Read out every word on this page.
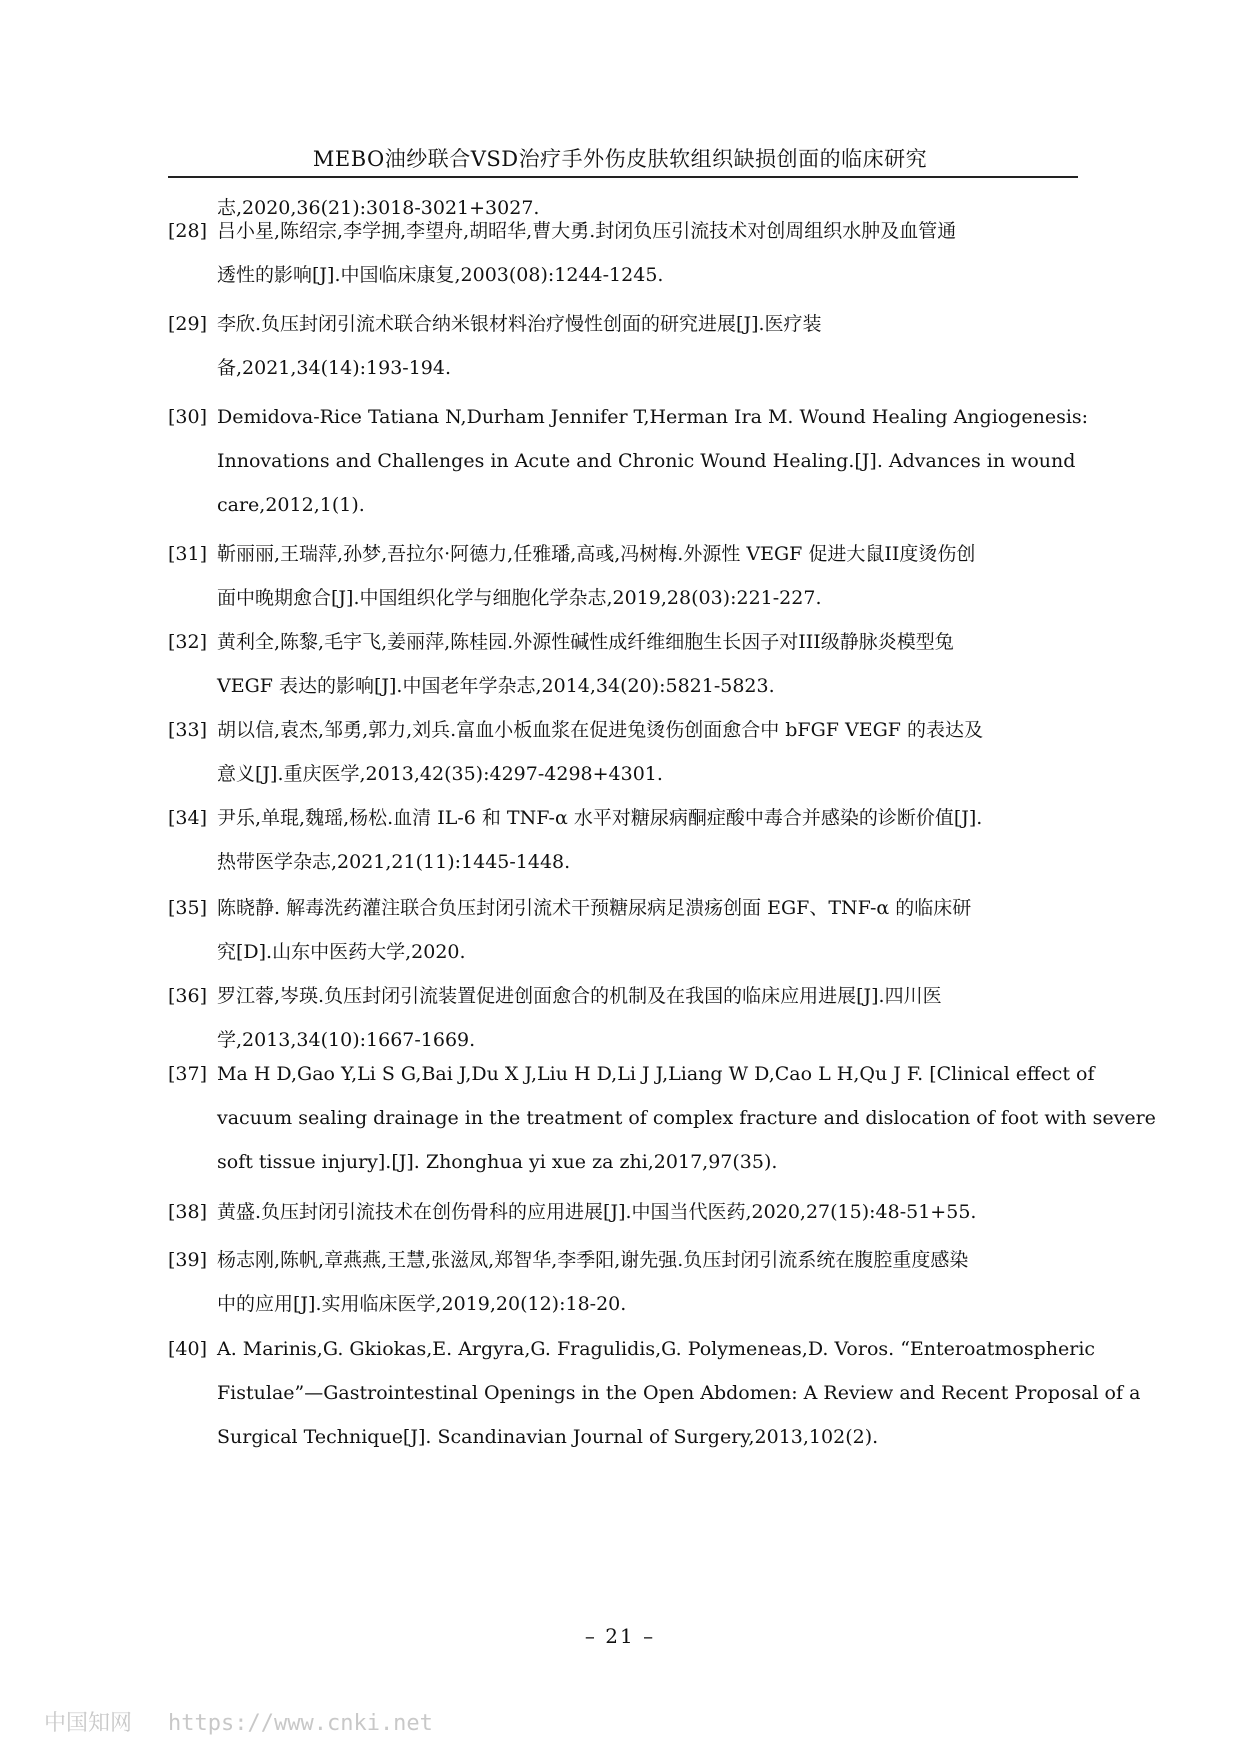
MEBO油纱联合VSD治疗手外伤皮肤软组织缺损创面的临床研究
志,2020,36(21):3018-3021+3027.
[28] 吕小星,陈绍宗,李学拥,李望舟,胡昭华,曹大勇.封闭负压引流技术对创周组织水肿及血管通
透性的影响[J].中国临床康复,2003(08):1244-1245.
[29] 李欣.负压封闭引流术联合纳米银材料治疗慢性创面的研究进展[J].医疗装
备,2021,34(14):193-194.
[30] Demidova-Rice Tatiana N,Durham Jennifer T,Herman Ira M. Wound Healing Angiogenesis:
Innovations and Challenges in Acute and Chronic Wound Healing.[J]. Advances in wound
care,2012,1(1).
[31] 靳丽丽,王瑞萍,孙梦,吾拉尔·阿德力,任雅璠,高彧,冯树梅.外源性 VEGF 促进大鼠II度烫伤创
面中晚期愈合[J].中国组织化学与细胞化学杂志,2019,28(03):221-227.
[32] 黄利全,陈黎,毛宇飞,姜丽萍,陈桂园.外源性碱性成纤维细胞生长因子对III级静脉炎模型兔
VEGF 表达的影响[J].中国老年学杂志,2014,34(20):5821-5823.
[33] 胡以信,袁杰,邹勇,郭力,刘兵.富血小板血浆在促进兔烫伤创面愈合中 bFGF VEGF 的表达及
意义[J].重庆医学,2013,42(35):4297-4298+4301.
[34] 尹乐,单琨,魏瑶,杨松.血清 IL-6 和 TNF-α 水平对糖尿病酮症酸中毒合并感染的诊断价值[J].
热带医学杂志,2021,21(11):1445-1448.
[35] 陈晓静. 解毒洗药灌注联合负压封闭引流术干预糖尿病足溃疡创面 EGF、TNF-α 的临床研
究[D].山东中医药大学,2020.
[36] 罗江蓉,岑瑛.负压封闭引流装置促进创面愈合的机制及在我国的临床应用进展[J].四川医
学,2013,34(10):1667-1669.
[37] Ma H D,Gao Y,Li S G,Bai J,Du X J,Liu H D,Li J J,Liang W D,Cao L H,Qu J F. [Clinical effect of
vacuum sealing drainage in the treatment of complex fracture and dislocation of foot with severe
soft tissue injury].[J]. Zhonghua yi xue za zhi,2017,97(35).
[38] 黄盛.负压封闭引流技术在创伤骨科的应用进展[J].中国当代医药,2020,27(15):48-51+55.
[39] 杨志刚,陈帆,章燕燕,王慧,张滋凤,郑智华,李季阳,谢先强.负压封闭引流系统在腹腔重度感染
中的应用[J].实用临床医学,2019,20(12):18-20.
[40] A. Marinis,G. Gkiokas,E. Argyra,G. Fragulidis,G. Polymeneas,D. Voros. “Enteroatmospheric
Fistulae”—Gastrointestinal Openings in the Open Abdomen: A Review and Recent Proposal of a
Surgical Technique[J]. Scandinavian Journal of Surgery,2013,102(2).
– 21 –
中国知网 https://www.cnki.net
